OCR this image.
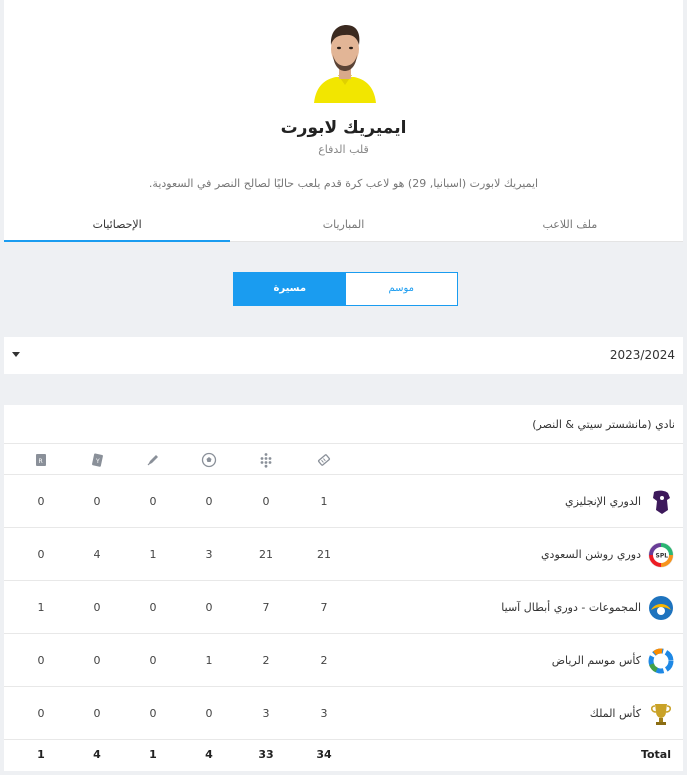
ايميريك لابورت
قلب الدفاع
ايميريك لابورت (اسبانيا, 29) هو لاعب كرة قدم يلعب حاليًا لصالح النصر في السعودية.
ملف اللاعب
المباريات
الإحصائيات
مسيرة	موسم
2023/2024
نادي (مانشستر سيتي & النصر)
Y
R
الدوري الإنجليزي
1
0
0
0
0
0
SPL
دوري روشن السعودي
21
21
3
1
4
0
المجموعات - دوري أبطال آسيا
7
7
0
0
0
1
كأس موسم الرياض
2
2
1
0
0
0
كأس الملك
3
3
0
0
0
0
Total
34
33
4
1
4
1
